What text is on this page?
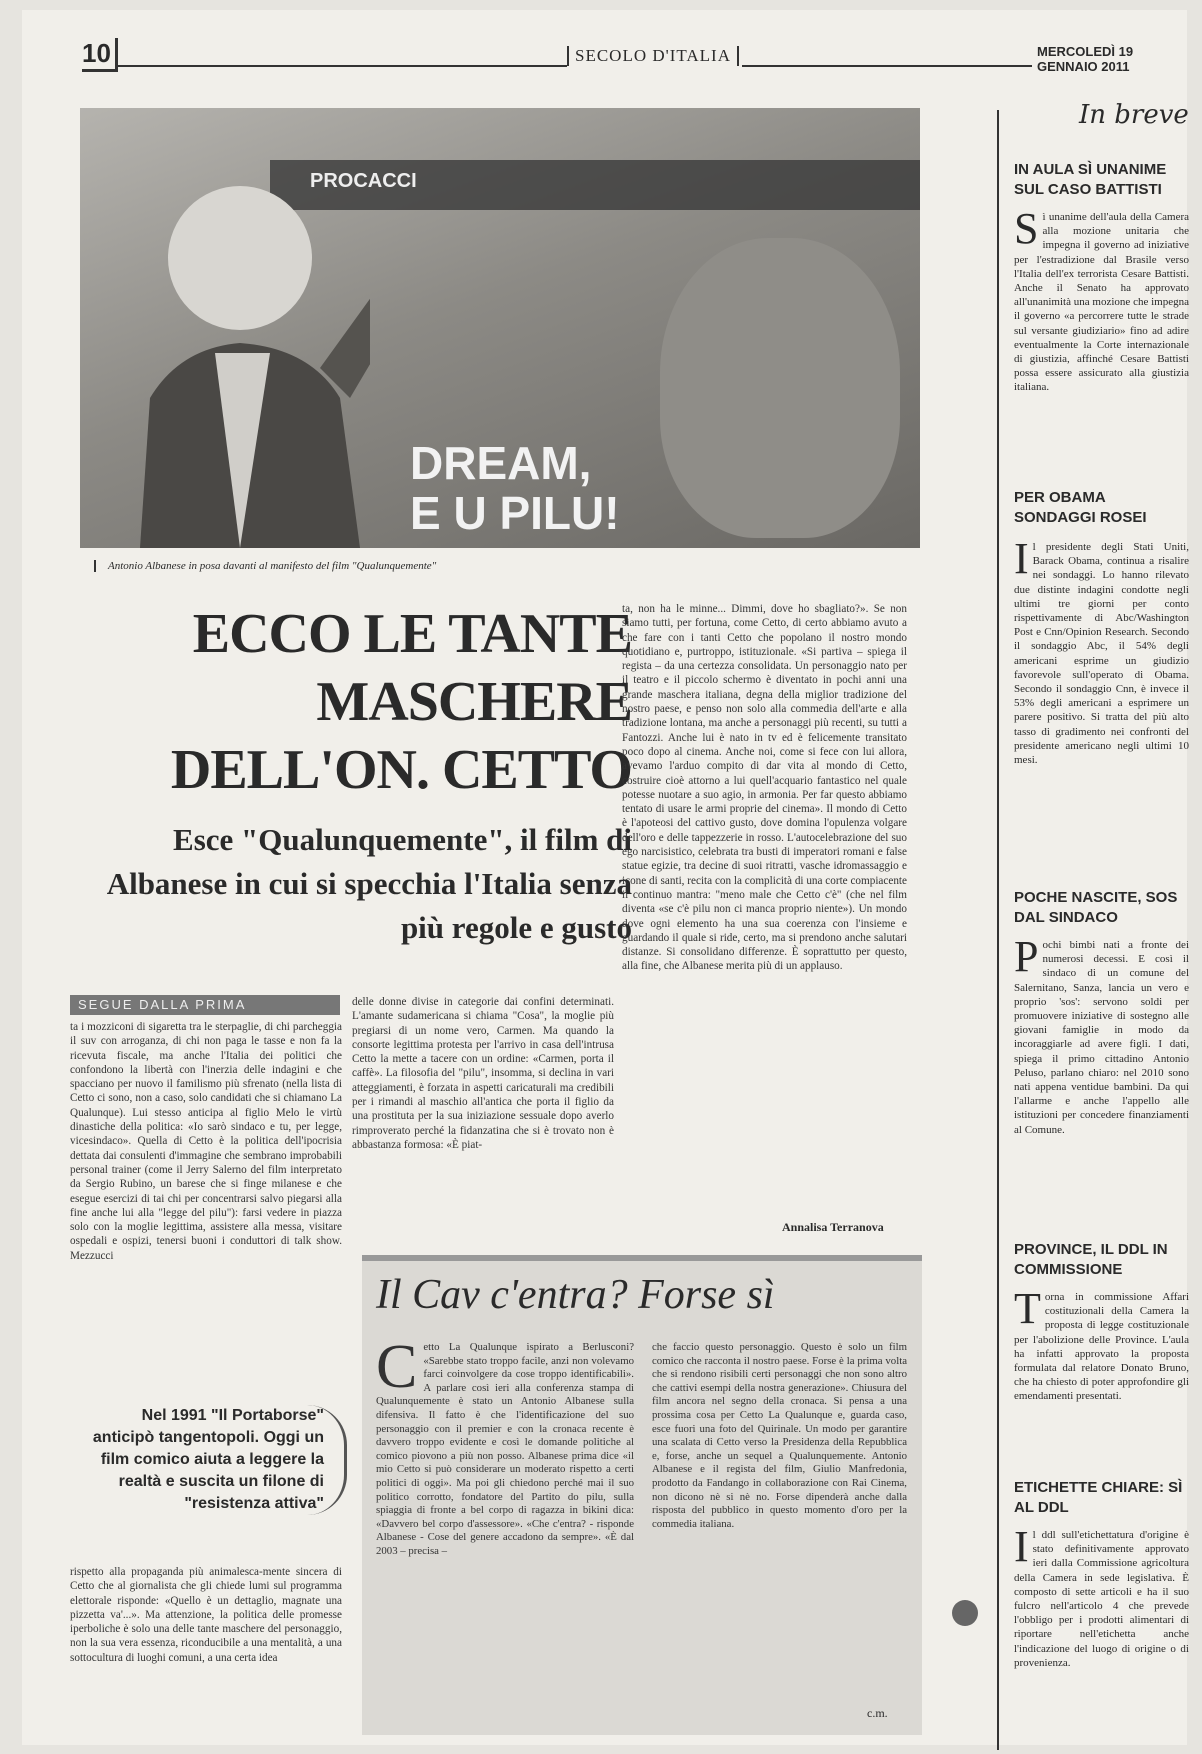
10	SECOLO D'ITALIA	MERCOLEDÌ 19 GENNAIO 2011
PROCACCI
DREAM,
E U PILU!
Antonio Albanese in posa davanti al manifesto del film "Qualunquemente"
ECCO LE TANTE MASCHERE DELL'ON. CETTO
Esce "Qualunquemente", il film di Albanese in cui si specchia l'Italia senza più regole e gusto
ta, non ha le minne... Dimmi, dove ho sbagliato?». Se non siamo tutti, per fortuna, come Cetto, di certo abbiamo avuto a che fare con i tanti Cetto che popolano il nostro mondo quotidiano e, purtroppo, istituzionale. «Si partiva – spiega il regista – da una certezza consolidata. Un personaggio nato per il teatro e il piccolo schermo è diventato in pochi anni una grande maschera italiana, degna della miglior tradizione del nostro paese, e penso non solo alla commedia dell'arte e alla tradizione lontana, ma anche a personaggi più recenti, su tutti a Fantozzi. Anche lui è nato in tv ed è felicemente transitato poco dopo al cinema. Anche noi, come si fece con lui allora, avevamo l'arduo compito di dar vita al mondo di Cetto, costruire cioè attorno a lui quell'acquario fantastico nel quale potesse nuotare a suo agio, in armonia. Per far questo abbiamo tentato di usare le armi proprie del cinema». Il mondo di Cetto è l'apoteosi del cattivo gusto, dove domina l'opulenza volgare dell'oro e delle tappezzerie in rosso. L'autocelebrazione del suo ego narcisistico, celebrata tra busti di imperatori romani e false statue egizie, tra decine di suoi ritratti, vasche idromassaggio e icone di santi, recita con la complicità di una corte compiacente il continuo mantra: "meno male che Cetto c'è" (che nel film diventa «se c'è pilu non ci manca proprio niente»). Un mondo dove ogni elemento ha una sua coerenza con l'insieme e guardando il quale si ride, certo, ma si prendono anche salutari distanze. Si consolidano differenze. È soprattutto per questo, alla fine, che Albanese merita più di un applauso.
Annalisa Terranova
SEGUE DALLA PRIMA
ta i mozziconi di sigaretta tra le sterpaglie, di chi parcheggia il suv con arroganza, di chi non paga le tasse e non fa la ricevuta fiscale, ma anche l'Italia dei politici che confondono la libertà con l'inerzia delle indagini e che spacciano per nuovo il familismo più sfrenato (nella lista di Cetto ci sono, non a caso, solo candidati che si chiamano La Qualunque). Lui stesso anticipa al figlio Melo le virtù dinastiche della politica: «Io sarò sindaco e tu, per legge, vicesindaco». Quella di Cetto è la politica dell'ipocrisia dettata dai consulenti d'immagine che sembrano improbabili personal trainer (come il Jerry Salerno del film interpretato da Sergio Rubino, un barese che si finge milanese e che esegue esercizi di tai chi per concentrarsi salvo piegarsi alla fine anche lui alla "legge del pilu"): farsi vedere in piazza solo con la moglie legittima, assistere alla messa, visitare ospedali e ospizi, tenersi buoni i conduttori di talk show. Mezzucci
delle donne divise in categorie dai confini determinati. L'amante sudamericana si chiama "Cosa", la moglie più pregiarsi di un nome vero, Carmen. Ma quando la consorte legittima protesta per l'arrivo in casa dell'intrusa Cetto la mette a tacere con un ordine: «Carmen, porta il caffè». La filosofia del "pilu", insomma, si declina in vari atteggiamenti, è forzata in aspetti caricaturali ma credibili per i rimandi al maschio all'antica che porta il figlio da una prostituta per la sua iniziazione sessuale dopo averlo rimproverato perché la fidanzatina che si è trovato non è abbastanza formosa: «È piat-
Nel 1991 "Il Portaborse" anticipò tangentopoli. Oggi un film comico aiuta a leggere la realtà e suscita un filone di "resistenza attiva"
rispetto alla propaganda più animalesca-mente sincera di Cetto che al giornalista che gli chiede lumi sul programma elettorale risponde: «Quello è un dettaglio, magnate una pizzetta va'...». Ma attenzione, la politica delle promesse iperboliche è solo una delle tante maschere del personaggio, non la sua vera essenza, riconducibile a una mentalità, a una sottocultura di luoghi comuni, a una certa idea
Il Cav c'entra? Forse sì
C etto La Qualunque ispirato a Berlusconi? «Sarebbe stato troppo facile, anzi non volevamo farci coinvolgere da cose troppo identificabili». A parlare così ieri alla conferenza stampa di Qualunquemente è stato un Antonio Albanese sulla difensiva. Il fatto è che l'identificazione del suo personaggio con il premier e con la cronaca recente è davvero troppo evidente e così le domande politiche al comico piovono a più non posso. Albanese prima dice «il mio Cetto si può considerare un moderato rispetto a certi politici di oggi». Ma poi gli chiedono perché mai il suo politico corrotto, fondatore del Partito do pilu, sulla spiaggia di fronte a bel corpo di ragazza in bikini dica: «Davvero bel corpo d'assessore». «Che c'entra? - risponde Albanese - Cose del genere accadono da sempre». «È dal 2003 – precisa –
che faccio questo personaggio. Questo è solo un film comico che racconta il nostro paese. Forse è la prima volta che si rendono risibili certi personaggi che non sono altro che cattivi esempi della nostra generazione». Chiusura del film ancora nel segno della cronaca. Si pensa a una prossima cosa per Cetto La Qualunque e, guarda caso, esce fuori una foto del Quirinale. Un modo per garantire una scalata di Cetto verso la Presidenza della Repubblica e, forse, anche un sequel a Qualunquemente. Antonio Albanese e il regista del film, Giulio Manfredonia, prodotto da Fandango in collaborazione con Rai Cinema, non dicono nè si nè no. Forse dipenderà anche dalla risposta del pubblico in questo momento d'oro per la commedia italiana.
c.m.
In breve
IN AULA SÌ UNANIME SUL CASO BATTISTI
S ì unanime dell'aula della Camera alla mozione unitaria che impegna il governo ad iniziative per l'estradizione dal Brasile verso l'Italia dell'ex terrorista Cesare Battisti. Anche il Senato ha approvato all'unanimità una mozione che impegna il governo «a percorrere tutte le strade sul versante giudiziario» fino ad adire eventualmente la Corte internazionale di giustizia, affinché Cesare Battisti possa essere assicurato alla giustizia italiana.
PER OBAMA SONDAGGI ROSEI
I l presidente degli Stati Uniti, Barack Obama, continua a risalire nei sondaggi. Lo hanno rilevato due distinte indagini condotte negli ultimi tre giorni per conto rispettivamente di Abc/Washington Post e Cnn/Opinion Research. Secondo il sondaggio Abc, il 54% degli americani esprime un giudizio favorevole sull'operato di Obama. Secondo il sondaggio Cnn, è invece il 53% degli americani a esprimere un parere positivo. Si tratta del più alto tasso di gradimento nei confronti del presidente americano negli ultimi 10 mesi.
POCHE NASCITE, SOS DAL SINDACO
P ochi bimbi nati a fronte dei numerosi decessi. E così il sindaco di un comune del Salernitano, Sanza, lancia un vero e proprio 'sos': servono soldi per promuovere iniziative di sostegno alle giovani famiglie in modo da incoraggiarle ad avere figli. I dati, spiega il primo cittadino Antonio Peluso, parlano chiaro: nel 2010 sono nati appena ventidue bambini. Da qui l'allarme e anche l'appello alle istituzioni per concedere finanziamenti al Comune.
PROVINCE, IL DDL IN COMMISSIONE
T orna in commissione Affari costituzionali della Camera la proposta di legge costituzionale per l'abolizione delle Province. L'aula ha infatti approvato la proposta formulata dal relatore Donato Bruno, che ha chiesto di poter approfondire gli emendamenti presentati.
ETICHETTE CHIARE: SÌ AL DDL
I l ddl sull'etichettatura d'origine è stato definitivamente approvato ieri dalla Commissione agricoltura della Camera in sede legislativa. È composto di sette articoli e ha il suo fulcro nell'articolo 4 che prevede l'obbligo per i prodotti alimentari di riportare nell'etichetta anche l'indicazione del luogo di origine o di provenienza.
